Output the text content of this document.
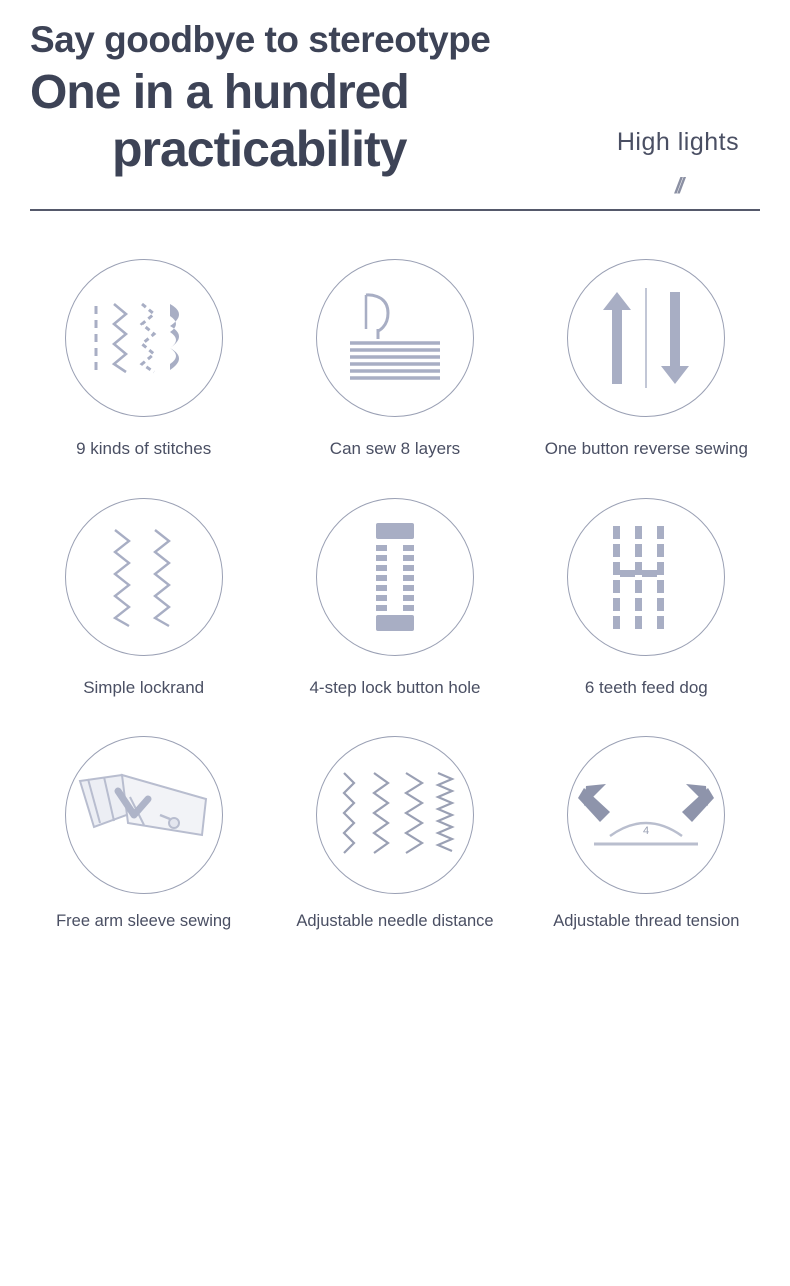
Say goodbye to stereotype
One in a hundred
practicability	High lights
//
9 kinds of stitches	Can sew 8 layers	One button reverse sewing
Simple lockrand	4-step lock button hole	6 teeth feed dog
Free arm sleeve sewing	Adjustable needle distance
4
Adjustable thread tension
